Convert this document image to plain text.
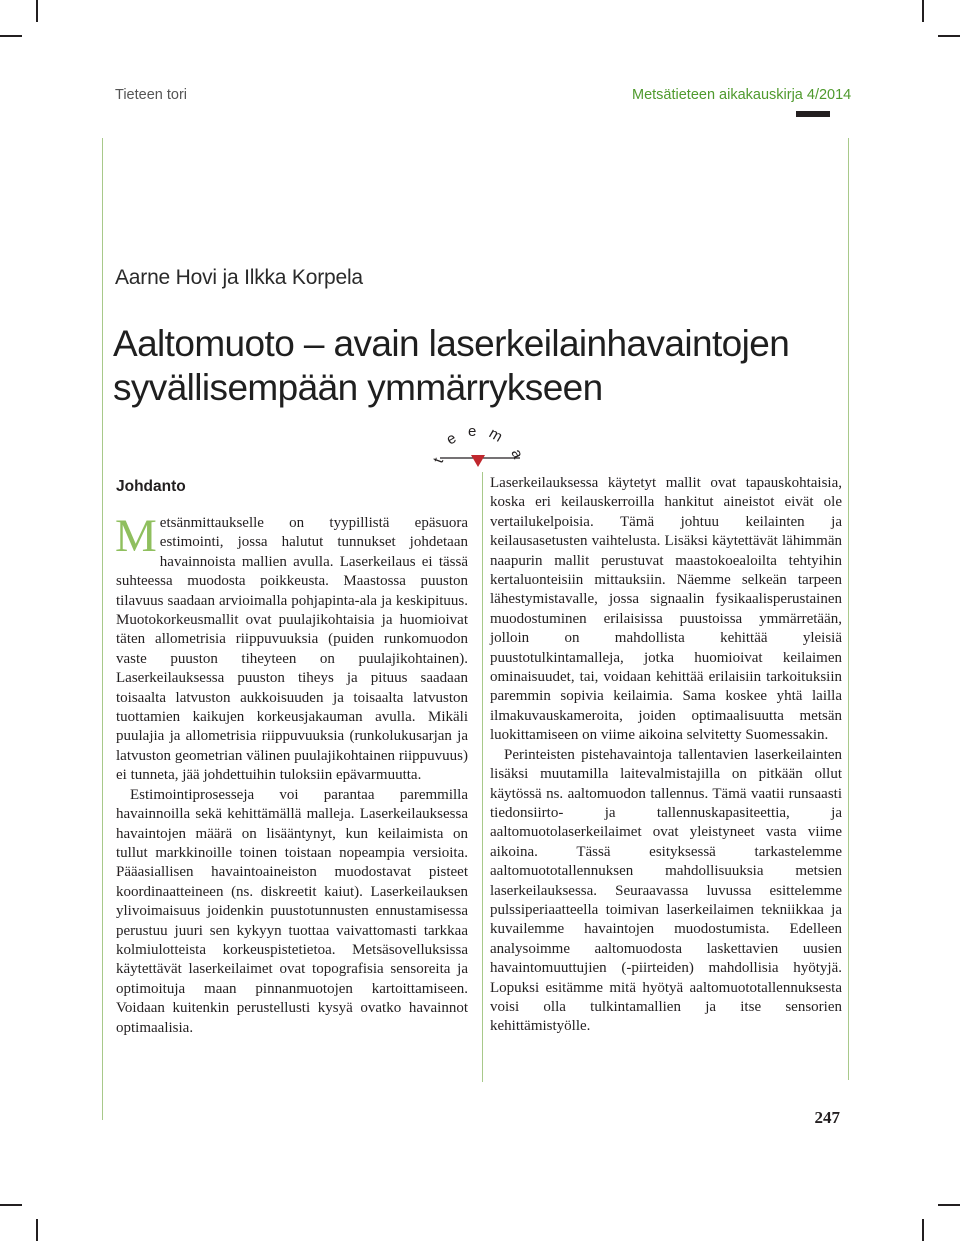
Tieteen tori	Metsätieteen aikakauskirja 4/2014
Aarne Hovi ja Ilkka Korpela
Aaltomuoto – avain laserkeilainhavaintojen
syvällisempään ymmärrykseen
t
e e m
a
Johdanto

Metsänmittaukselle on tyypillistä epäsuora estimointi, jossa halutut tunnukset johdetaan havainnoista mallien avulla. Laserkeilaus ei tässä suhteessa muodosta poikkeusta. Maastossa puuston tilavuus saadaan arvioimalla pohjapinta-ala ja keskipituus. Muotokorkeusmallit ovat puulajikohtaisia ja huomioivat täten allometrisia riippuvuuksia (puiden runkomuodon vaste puuston tiheyteen on puulajikohtainen). Laserkeilauksessa puuston tiheys ja pituus saadaan toisaalta latvuston aukkoisuuden ja toisaalta latvuston tuottamien kaikujen korkeusjakauman avulla. Mikäli puulajia ja allometrisia riippuvuuksia (runkolukusarjan ja latvuston geometrian välinen puulajikohtainen riippuvuus) ei tunneta, jää johdettuihin tuloksiin epävarmuutta.

Estimointiprosesseja voi parantaa paremmilla havainnoilla sekä kehittämällä malleja. Laserkeilauksessa havaintojen määrä on lisääntynyt, kun keilaimista on tullut markkinoille toinen toistaan nopeampia versioita. Pääasiallisen havaintoaineiston muodostavat pisteet koordinaatteineen (ns. diskreetit kaiut). Laserkeilauksen ylivoimaisuus joidenkin puustotunnusten ennustamisessa perustuu juuri sen kykyyn tuottaa vaivattomasti tarkkaa kolmiulotteista korkeuspistetietoa. Metsäsovelluksissa käytettävät laserkeilaimet ovat topografisia sensoreita ja optimoituja maan pinnanmuotojen kartoittamiseen. Voidaan kuitenkin perustellusti kysyä ovatko havainnot optimaalisia.

Laserkeilauksessa käytetyt mallit ovat tapauskohtaisia, koska eri keilauskerroilla hankitut aineistot eivät ole vertailukelpoisia. Tämä johtuu keilainten ja keilausasetusten vaihtelusta. Lisäksi käytettävät lähimmän naapurin mallit perustuvat maastokoealoilta tehtyihin kertaluonteisiin mittauksiin. Näemme selkeän tarpeen lähestymistavalle, jossa signaalin fysikaalisperustainen muodostuminen erilaisissa puustoissa ymmärretään, jolloin on mahdollista kehittää yleisiä puustotulkintamalleja, jotka huomioivat keilaimen ominaisuudet, tai, voidaan kehittää erilaisiin tarkoituksiin paremmin sopivia keilaimia. Sama koskee yhtä lailla ilmakuvauskameroita, joiden optimaalisuutta metsän luokittamiseen on viime aikoina selvitetty Suomessakin.

Perinteisten pistehavaintoja tallentavien laserkeilainten lisäksi muutamilla laitevalmistajilla on pitkään ollut käytössä ns. aaltomuodon tallennus. Tämä vaatii runsaasti tiedonsiirto- ja tallennuskapasiteettia, ja aaltomuotolaserkeilaimet ovat yleistyneet vasta viime aikoina. Tässä esityksessä tarkastelemme aaltomuototallennuksen mahdollisuuksia metsien laserkeilauksessa. Seuraavassa luvussa esittelemme pulssiperiaatteella toimivan laserkeilaimen tekniikkaa ja kuvailemme havaintojen muodostumista. Edelleen analysoimme aaltomuodosta laskettavien uusien havaintomuuttujien (-piirteiden) mahdollisia hyötyjä. Lopuksi esitämme mitä hyötyä aaltomuototallennuksesta voisi olla tulkintamallien ja itse sensorien kehittämistyölle.

247
